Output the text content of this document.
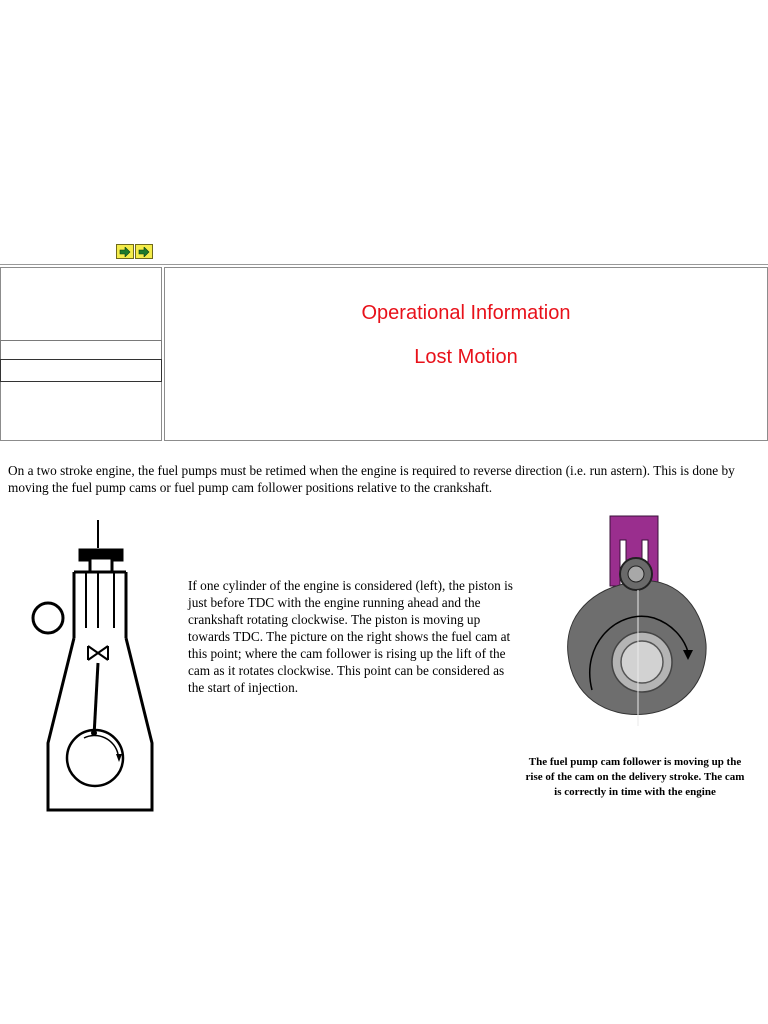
Operational Information
Lost Motion
On a two stroke engine, the fuel pumps must be retimed when the engine is required to reverse direction (i.e. run astern). This is done by moving the fuel pump cams or fuel pump cam follower positions relative to the crankshaft.
If one cylinder of the engine is considered (left), the piston is just before TDC with the engine running ahead and the crankshaft rotating clockwise. The piston is moving up towards TDC. The picture on the right shows the fuel cam at this point; where the cam follower is rising up the lift of the cam as it rotates clockwise. This point can be considered as the start of injection.
The fuel pump cam follower is moving up the rise of the cam on the delivery stroke. The cam is correctly in time with the engine
